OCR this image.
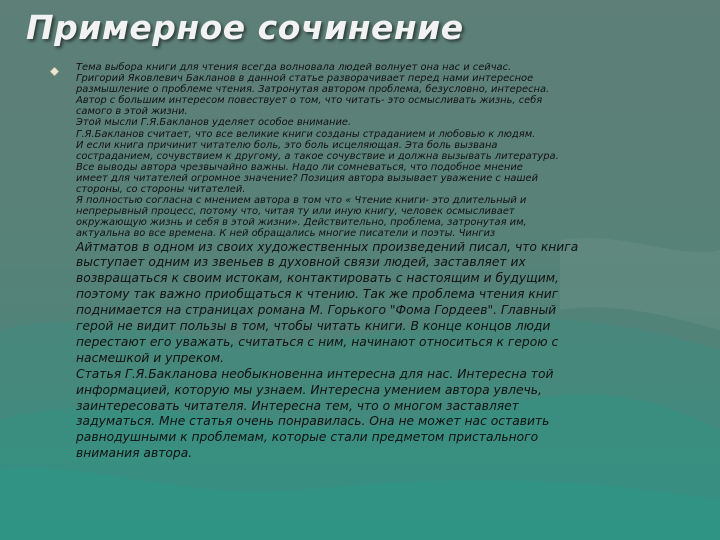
Примерное сочинение

Тема выбора книги для чтения всегда волновала людей волнует она нас и сейчас.
Григорий Яковлевич Бакланов в данной статье разворачивает перед нами интересное
размышление о проблеме чтения. Затронутая автором проблема, безусловно, интересна.
Автор с большим интересом повествует о том, что читать- это осмысливать жизнь, себя
самого в этой жизни.
Этой мысли Г.Я.Бакланов уделяет особое внимание.
Г.Я.Бакланов считает, что все великие книги созданы страданием и любовью к людям.
И если книга причинит читателю боль, это боль исцеляющая. Эта боль вызвана
состраданием, сочувствием к другому, а такое сочувствие и должна вызывать литература.
Все выводы автора чрезвычайно важны. Надо ли сомневаться, что подобное мнение
имеет для читателей огромное значение? Позиция автора вызывает уважение с нашей
стороны, со стороны читателей.
Я полностью согласна с мнением автора в том что « Чтение книги- это длительный и
непрерывный процесс, потому что, читая ту или иную книгу, человек осмысливает
окружающую жизнь и себя в этой жизни». Действительно, проблема, затронутая им,
актуальна во все времена. К ней обращались многие писатели и поэты. Чингиз

Айтматов в одном из своих художественных произведений писал, что книга
выступает одним из звеньев в духовной связи людей, заставляет их
возвращаться к своим истокам, контактировать с настоящим и будущим,
поэтому так важно приобщаться к чтению. Так же проблема чтения книг
поднимается на страницах романа М. Горького "Фома Гордеев". Главный
герой не видит пользы в том, чтобы читать книги. В конце концов люди
перестают его уважать, считаться с ним, начинают относиться к герою с
насмешкой и упреком.
Статья Г.Я.Бакланова необыкновенна интересна для нас. Интересна той
информацией, которую мы узнаем. Интересна умением автора увлечь,
заинтересовать читателя. Интересна тем, что о многом заставляет
задуматься. Мне статья очень понравилась. Она не может нас оставить
равнодушными к проблемам, которые стали предметом пристального
внимания автора.
